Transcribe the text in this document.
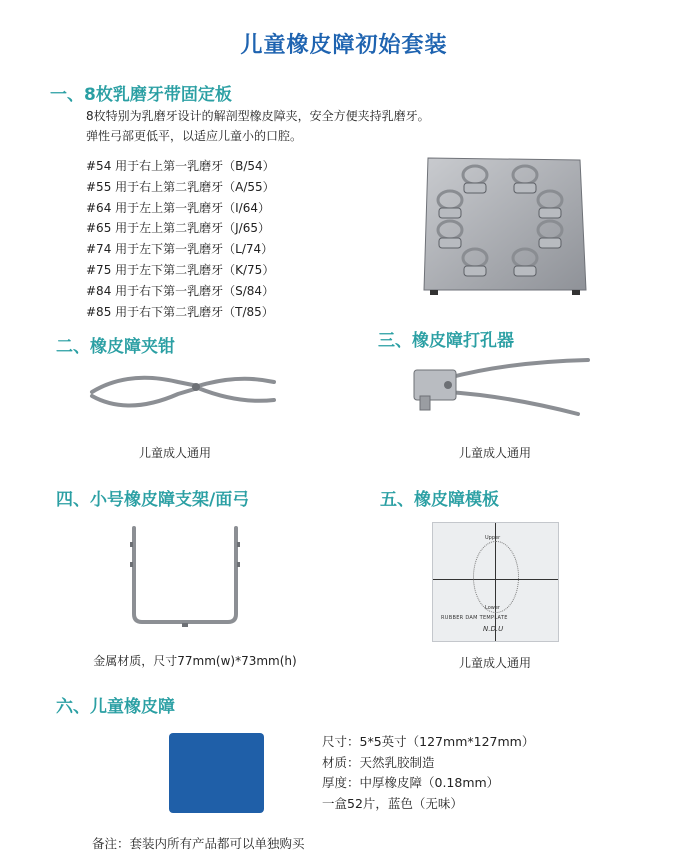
儿童橡皮障初始套装
一、8枚乳磨牙带固定板
8枚特别为乳磨牙设计的解剖型橡皮障夹，安全方便夹持乳磨牙。
弹性弓部更低平，以适应儿童小的口腔。
#54 用于右上第一乳磨牙（B/54）
#55 用于右上第二乳磨牙（A/55）
#64 用于左上第一乳磨牙（I/64）
#65 用于左上第二乳磨牙（J/65）
#74 用于左下第一乳磨牙（L/74）
#75 用于左下第二乳磨牙（K/75）
#84 用于右下第一乳磨牙（S/84）
#85 用于右下第二乳磨牙（T/85）
二、橡皮障夹钳
儿童成人通用
三、橡皮障打孔器
儿童成人通用
四、小号橡皮障支架/面弓
金属材质，尺寸77mm(w)*73mm(h)
五、橡皮障模板
Upper
Lower
RUBBER DAM TEMPLATE
N.D.U
儿童成人通用
六、儿童橡皮障
尺寸：5*5英寸（127mm*127mm）
材质：天然乳胶制造
厚度：中厚橡皮障（0.18mm）
一盒52片，蓝色（无味）
备注：套装内所有产品都可以单独购买
